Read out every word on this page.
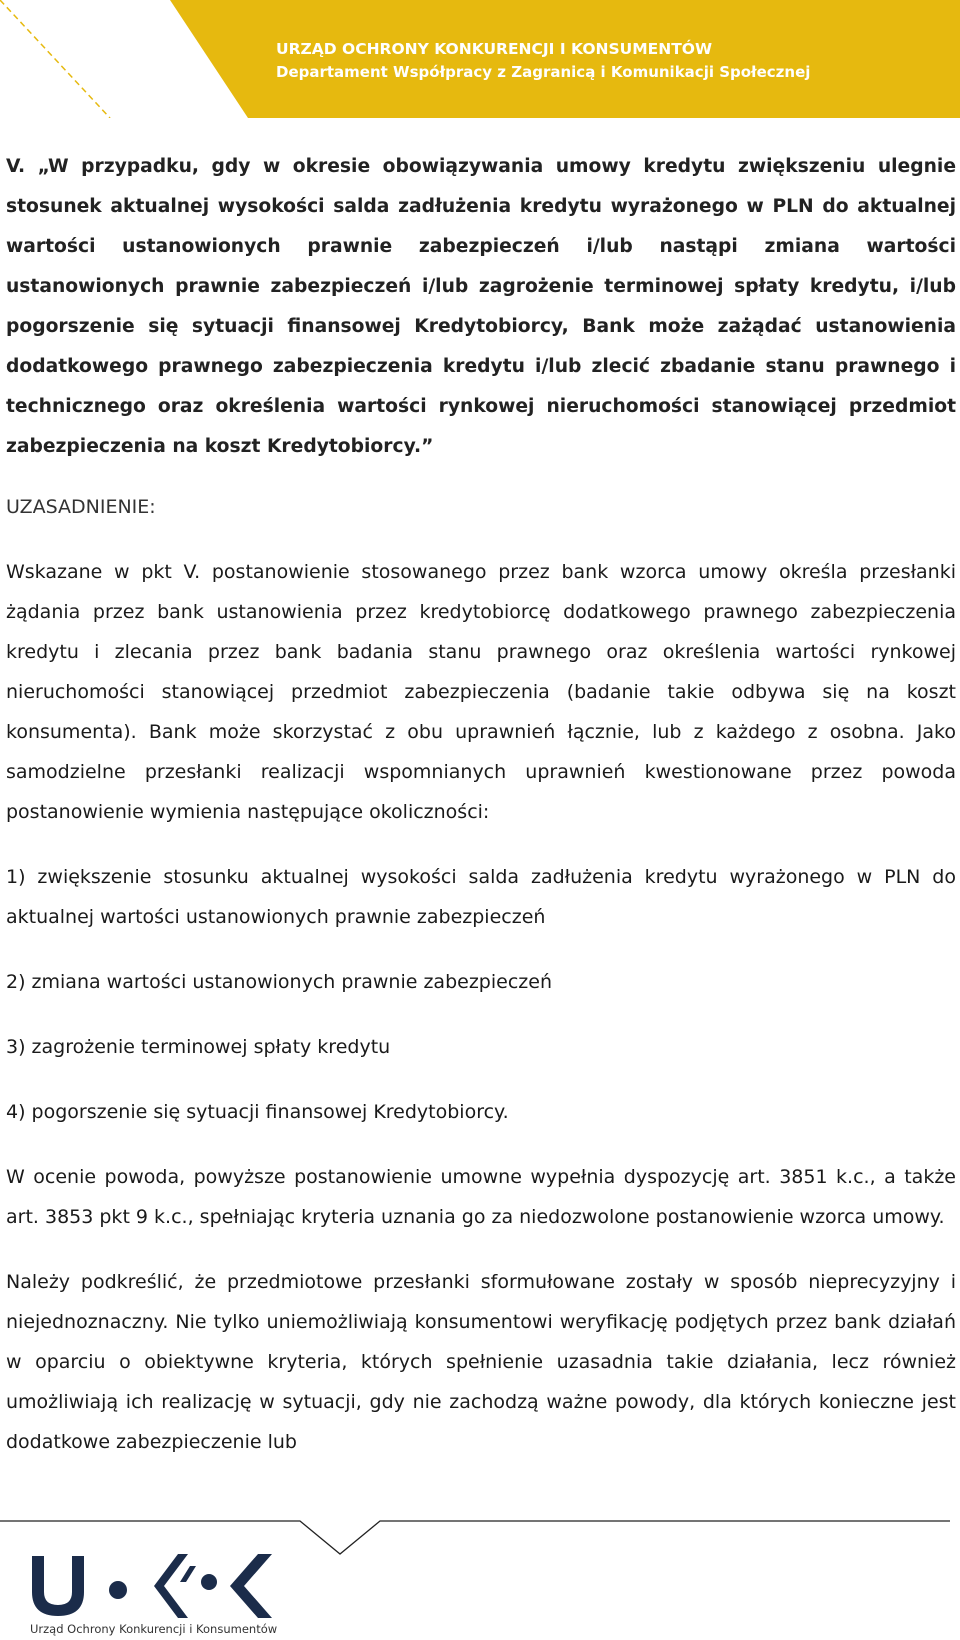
URZĄD OCHRONY KONKURENCJI I KONSUMENTÓW
Departament Współpracy z Zagranicą i Komunikacji Społecznej

V. „W przypadku, gdy w okresie obowiązywania umowy kredytu zwiększeniu ulegnie stosunek aktualnej wysokości salda zadłużenia kredytu wyrażonego w PLN do aktualnej wartości ustanowionych prawnie zabezpieczeń i/lub nastąpi zmiana wartości ustanowionych prawnie zabezpieczeń i/lub zagrożenie terminowej spłaty kredytu, i/lub pogorszenie się sytuacji finansowej Kredytobiorcy, Bank może zażądać ustanowienia dodatkowego prawnego zabezpieczenia kredytu i/lub zlecić zbadanie stanu prawnego i technicznego oraz określenia wartości rynkowej nieruchomości stanowiącej przedmiot zabezpieczenia na koszt Kredytobiorcy.”

UZASADNIENIE:

Wskazane w pkt V. postanowienie stosowanego przez bank wzorca umowy określa przesłanki żądania przez bank ustanowienia przez kredytobiorcę dodatkowego prawnego zabezpieczenia kredytu i zlecania przez bank badania stanu prawnego oraz określenia wartości rynkowej nieruchomości stanowiącej przedmiot zabezpieczenia (badanie takie odbywa się na koszt konsumenta). Bank może skorzystać z obu uprawnień łącznie, lub z każdego z osobna. Jako samodzielne przesłanki realizacji wspomnianych uprawnień kwestionowane przez powoda postanowienie wymienia następujące okoliczności:

1) zwiększenie stosunku aktualnej wysokości salda zadłużenia kredytu wyrażonego w PLN do aktualnej wartości ustanowionych prawnie zabezpieczeń

2) zmiana wartości ustanowionych prawnie zabezpieczeń

3) zagrożenie terminowej spłaty kredytu

4) pogorszenie się sytuacji finansowej Kredytobiorcy.

W ocenie powoda, powyższe postanowienie umowne wypełnia dyspozycję art. 3851 k.c., a także art. 3853 pkt 9 k.c., spełniając kryteria uznania go za niedozwolone postanowienie wzorca umowy.

Należy podkreślić, że przedmiotowe przesłanki sformułowane zostały w sposób nieprecyzyjny i niejednoznaczny. Nie tylko uniemożliwiają konsumentowi weryfikację podjętych przez bank działań w oparciu o obiektywne kryteria, których spełnienie uzasadnia takie działania, lecz również umożliwiają ich realizację w sytuacji, gdy nie zachodzą ważne powody, dla których konieczne jest dodatkowe zabezpieczenie lub

Urząd Ochrony Konkurencji i Konsumentów
